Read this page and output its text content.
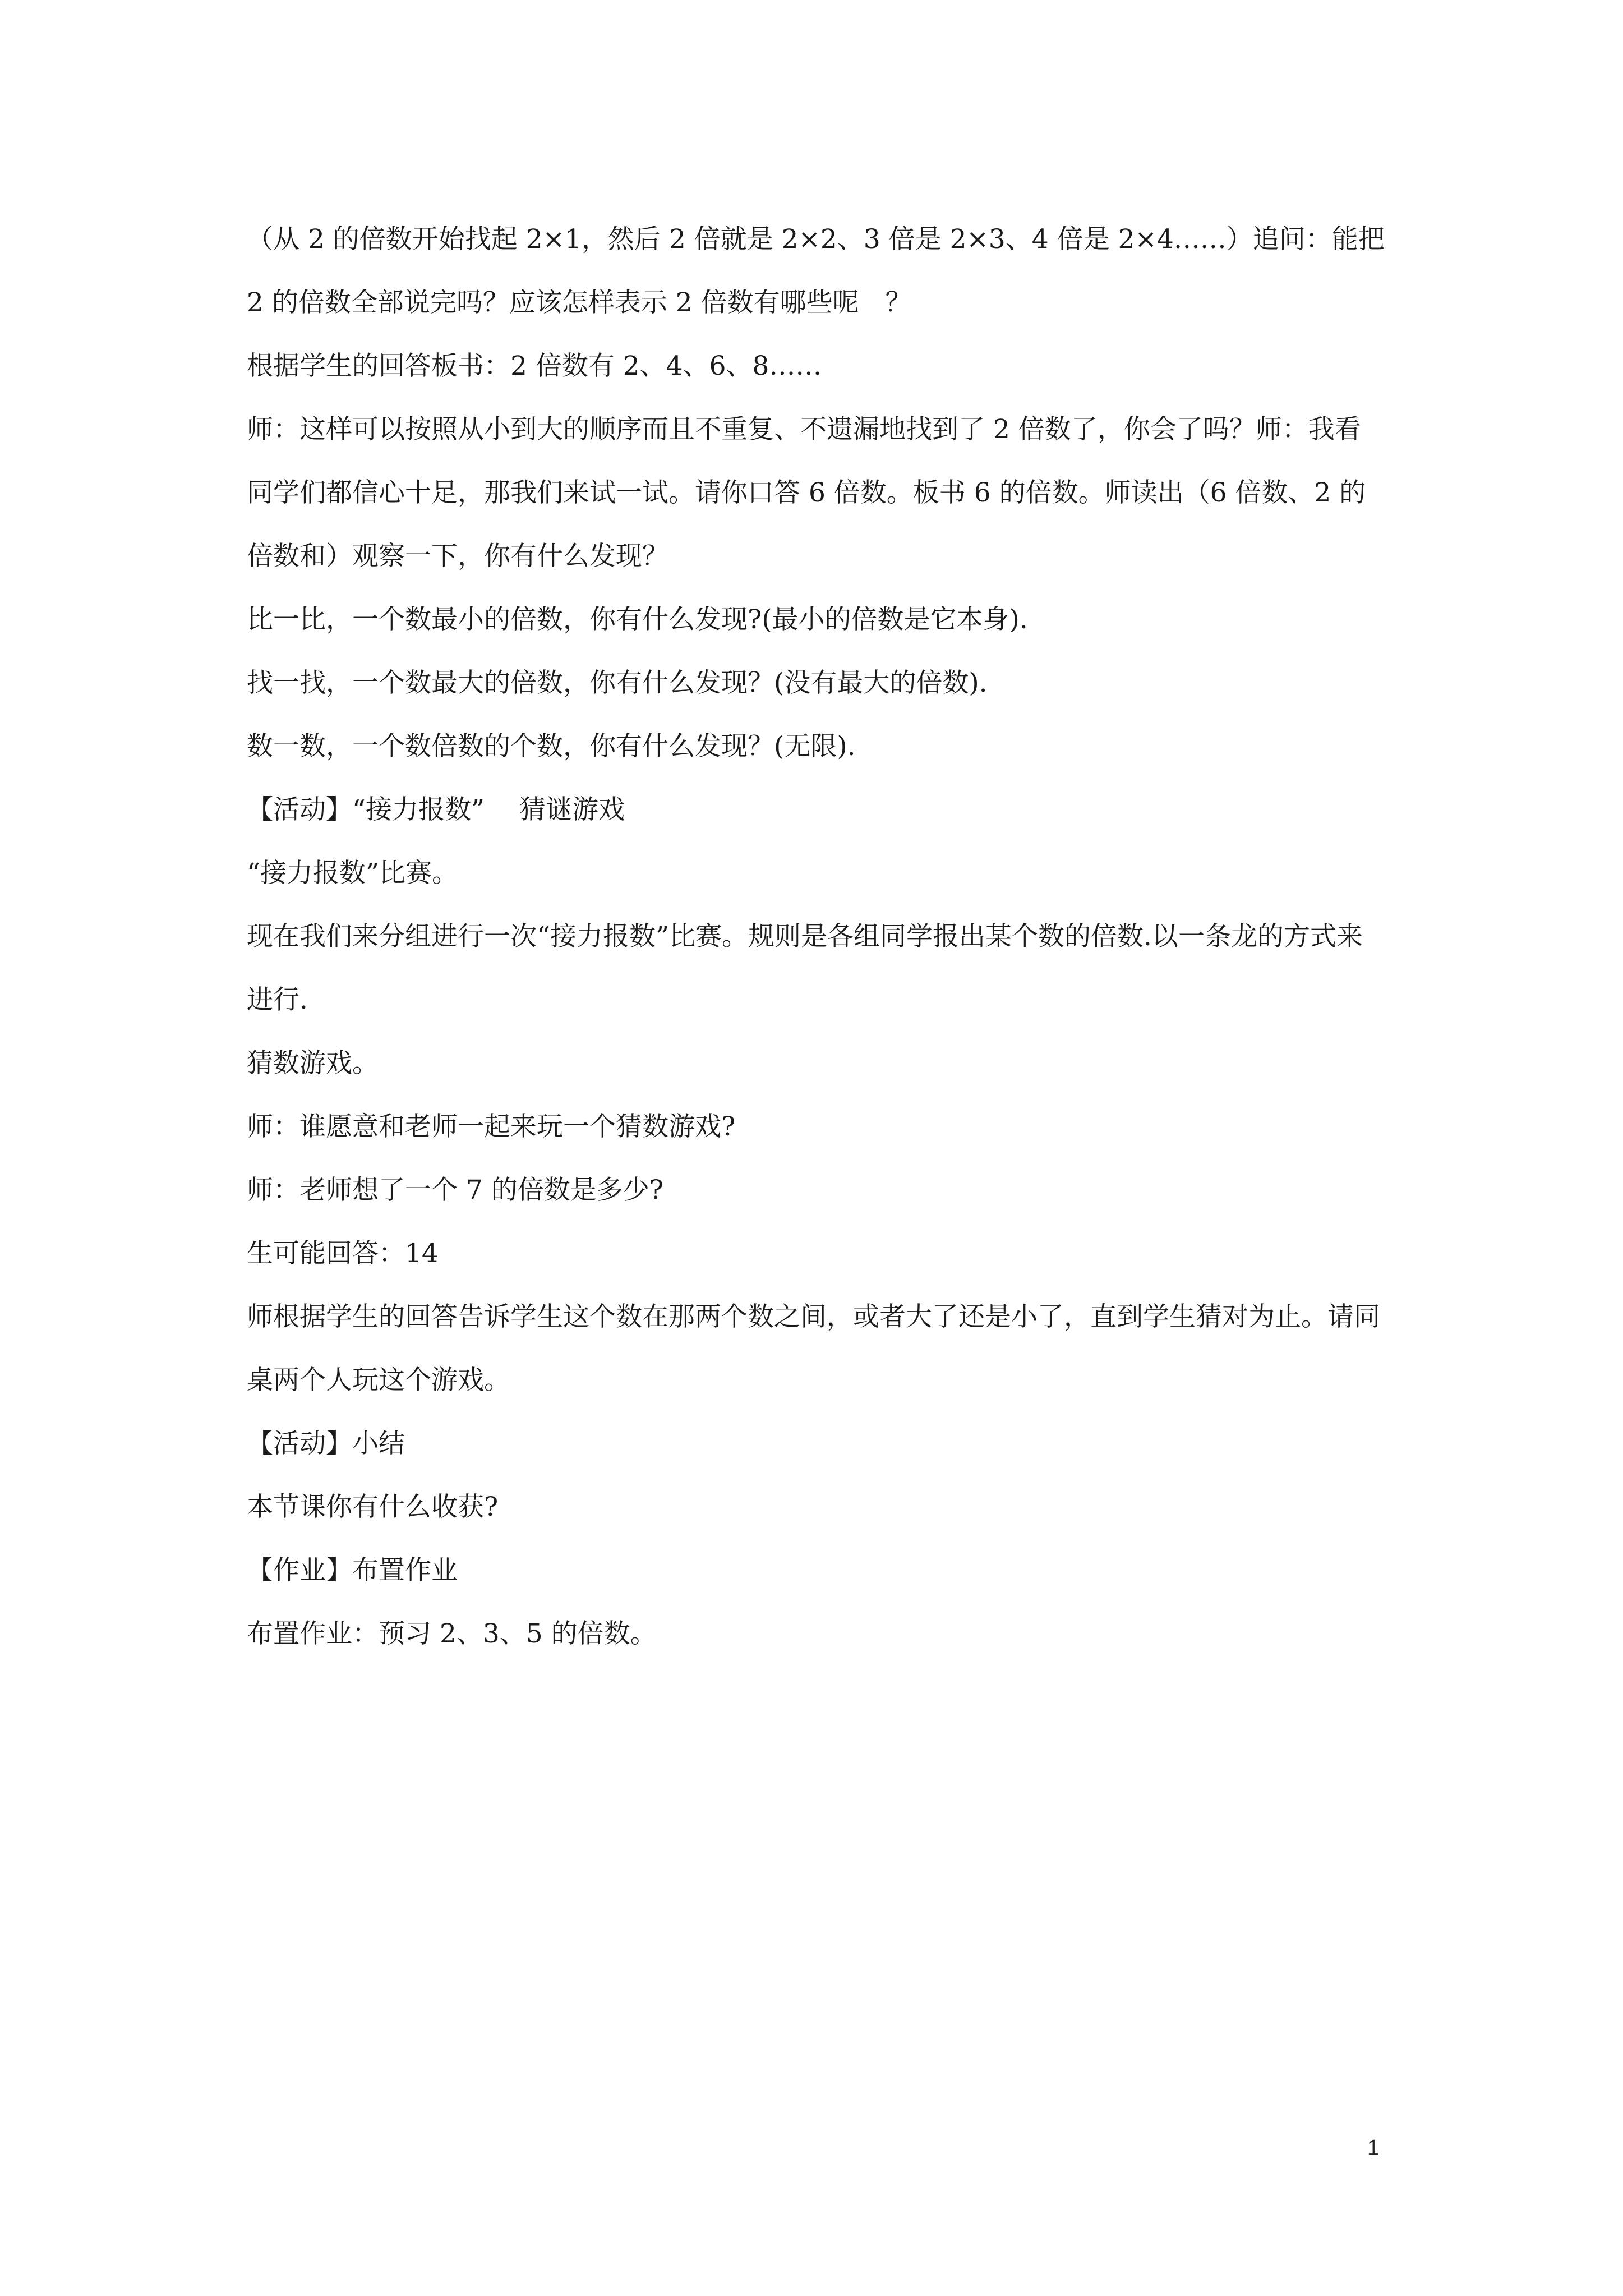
（从 2 的倍数开始找起 2×1，然后 2 倍就是 2×2、3 倍是 2×3、4 倍是 2×4……）追问：能把 2 的倍数全部说完吗？应该怎样表示 2 倍数有哪些呢　？

根据学生的回答板书：2 倍数有 2、4、6、8……

师：这样可以按照从小到大的顺序而且不重复、不遗漏地找到了 2 倍数了，你会了吗？师：我看同学们都信心十足，那我们来试一试。请你口答 6 倍数。板书 6 的倍数。师读出（6 倍数、2 的倍数和）观察一下，你有什么发现？

比一比，一个数最小的倍数，你有什么发现?(最小的倍数是它本身).

找一找，一个数最大的倍数，你有什么发现？(没有最大的倍数).

数一数，一个数倍数的个数，你有什么发现？(无限).

【活动】“接力报数”　 猜谜游戏

“接力报数”比赛。

现在我们来分组进行一次“接力报数”比赛。规则是各组同学报出某个数的倍数.以一条龙的方式来进行.

猜数游戏。

师：谁愿意和老师一起来玩一个猜数游戏?

师：老师想了一个 7 的倍数是多少?

生可能回答：14

师根据学生的回答告诉学生这个数在那两个数之间，或者大了还是小了，直到学生猜对为止。请同桌两个人玩这个游戏。

【活动】小结

本节课你有什么收获?

【作业】布置作业

布置作业：预习 2、3、5 的倍数。

1
